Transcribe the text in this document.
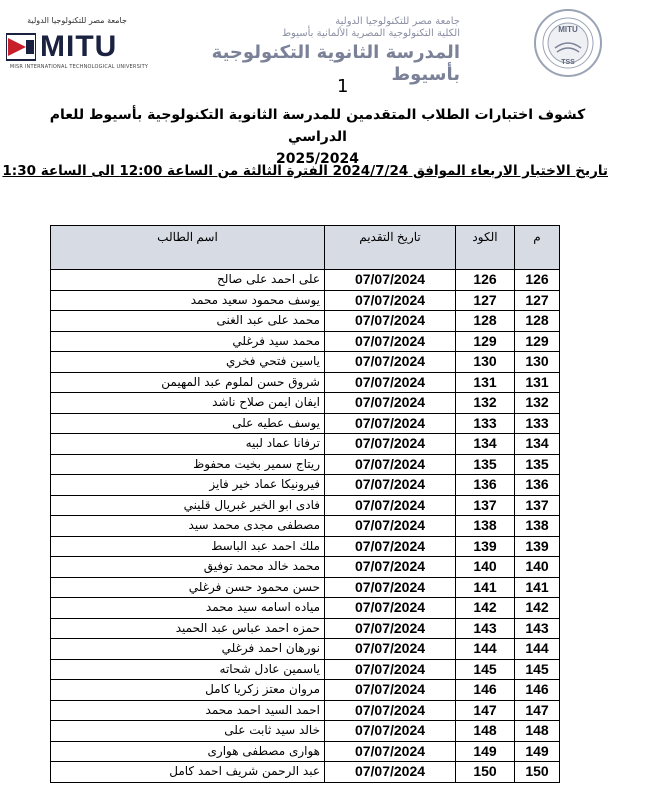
جامعة مصر للتكنولوجيا الدولية
MITU
MISR INTERNATIONAL TECHNOLOGICAL UNIVERSITY
جامعة مصر للتكنولوجيا الدولية
الكلية التكنولوجية المصرية الألمانية بأسيوط
المدرسة الثانوية التكنولوجية بأسيوط
MITU
TSS
1
كشوف اختبارات الطلاب المتقدمين للمدرسة الثانوية التكنولوجية بأسيوط للعام الدراسي
2025/2024
تاريخ الاختبار الاربعاء الموافق 2024/7/24 الفترة الثالثة من الساعة 12:00 الى الساعة 1:30
م	الكود	تاريخ التقديم	اسم الطالب
126	126	07/07/2024	على احمد على صالح
127	127	07/07/2024	يوسف محمود سعيد محمد
128	128	07/07/2024	محمد على عبد الغنى
129	129	07/07/2024	محمد سيد فرغلي
130	130	07/07/2024	ياسين فتحي فخري
131	131	07/07/2024	شروق حسن لملوم عبد المهيمن
132	132	07/07/2024	ايفان ايمن صلاح ناشد
133	133	07/07/2024	يوسف عطيه على
134	134	07/07/2024	ترفانا عماد لبيه
135	135	07/07/2024	ريتاج سمير بخيت محفوظ
136	136	07/07/2024	فيرونيكا عماد خير فايز
137	137	07/07/2024	فادى ابو الخير غبريال قليني
138	138	07/07/2024	مصطفى مجدى محمد سيد
139	139	07/07/2024	ملك احمد عبد الباسط
140	140	07/07/2024	محمد خالد محمد توفيق
141	141	07/07/2024	حسن محمود حسن فرغلي
142	142	07/07/2024	مياده اسامه سيد محمد
143	143	07/07/2024	حمزه احمد عباس عبد الحميد
144	144	07/07/2024	نورهان احمد فرغلي
145	145	07/07/2024	ياسمين عادل شحاته
146	146	07/07/2024	مروان معتز زكريا كامل
147	147	07/07/2024	احمد السيد احمد محمد
148	148	07/07/2024	خالد سيد ثابت على
149	149	07/07/2024	هوارى مصطفى هوارى
150	150	07/07/2024	عبد الرحمن شريف احمد كامل
